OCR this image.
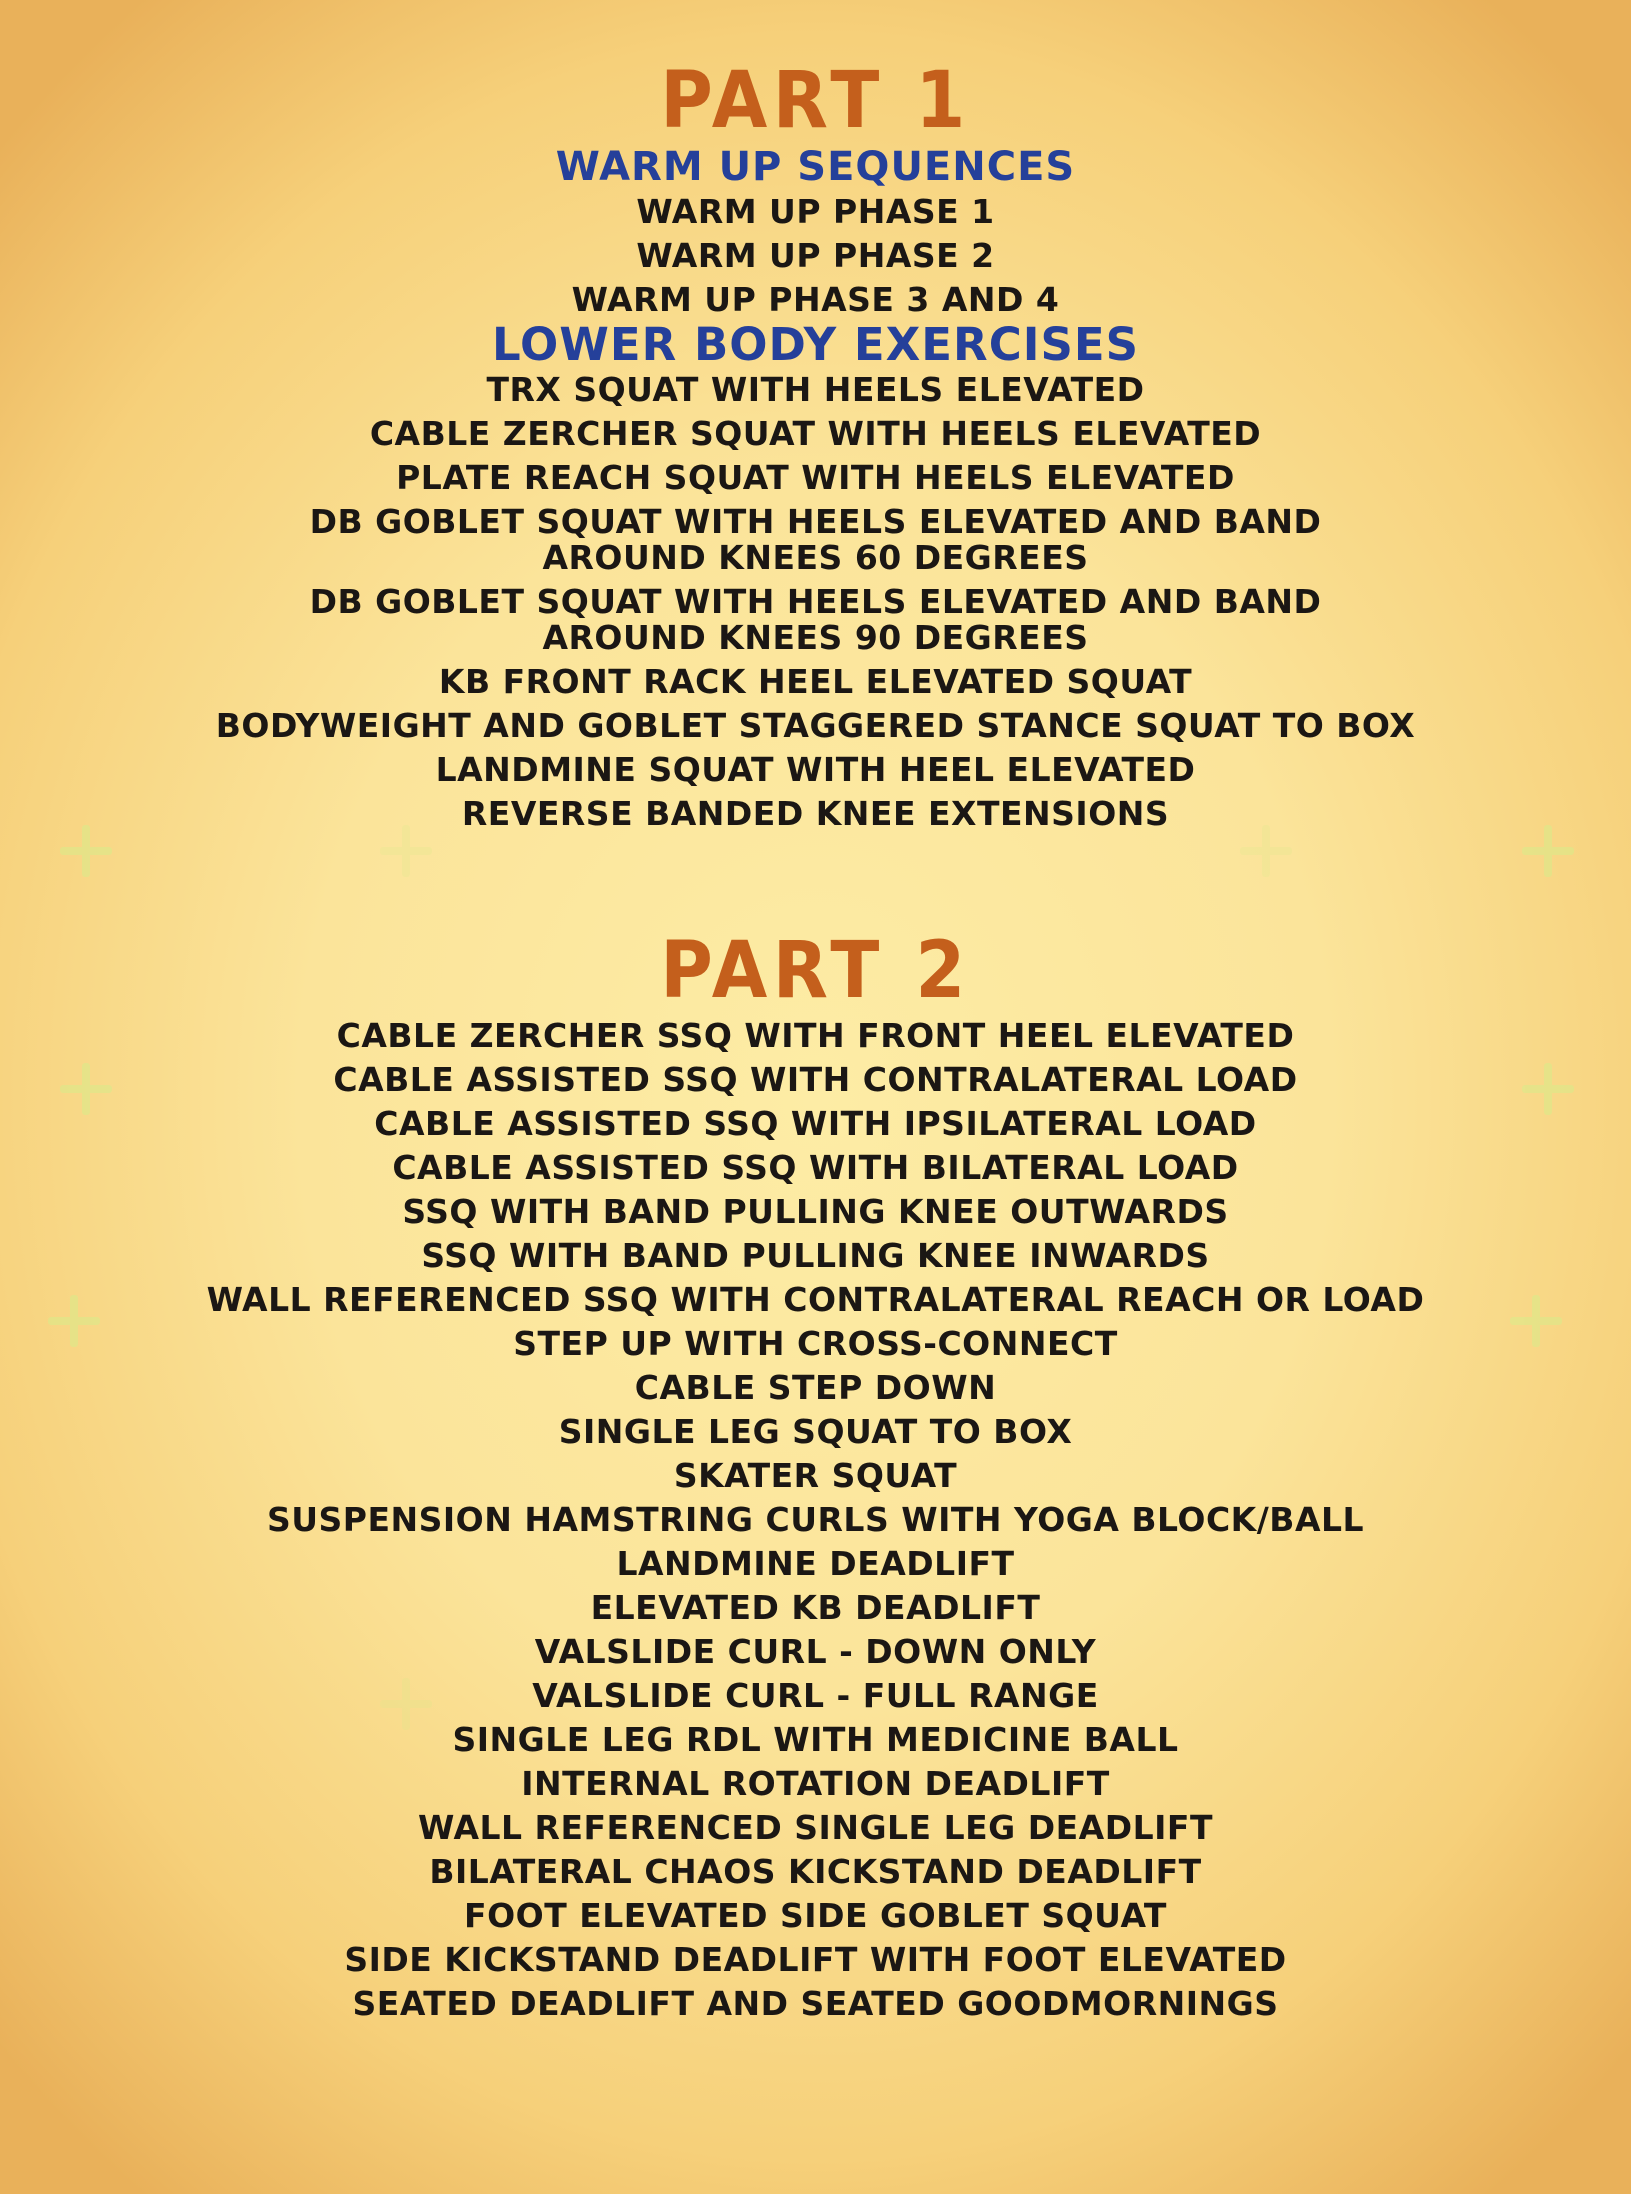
PART 1
WARM UP SEQUENCES
WARM UP PHASE 1
WARM UP PHASE 2
WARM UP PHASE 3 AND 4
LOWER BODY EXERCISES
TRX SQUAT WITH HEELS ELEVATED
CABLE ZERCHER SQUAT WITH HEELS ELEVATED
PLATE REACH SQUAT WITH HEELS ELEVATED
DB GOBLET SQUAT WITH HEELS ELEVATED AND BAND AROUND KNEES 60 DEGREES
DB GOBLET SQUAT WITH HEELS ELEVATED AND BAND AROUND KNEES 90 DEGREES
KB FRONT RACK HEEL ELEVATED SQUAT
BODYWEIGHT AND GOBLET STAGGERED STANCE SQUAT TO BOX
LANDMINE SQUAT WITH HEEL ELEVATED
REVERSE BANDED KNEE EXTENSIONS
PART 2
CABLE ZERCHER SSQ WITH FRONT HEEL ELEVATED
CABLE ASSISTED SSQ WITH CONTRALATERAL LOAD
CABLE ASSISTED SSQ WITH IPSILATERAL LOAD
CABLE ASSISTED SSQ WITH BILATERAL LOAD
SSQ WITH BAND PULLING KNEE OUTWARDS
SSQ WITH BAND PULLING KNEE INWARDS
WALL REFERENCED SSQ WITH CONTRALATERAL REACH OR LOAD
STEP UP WITH CROSS-CONNECT
CABLE STEP DOWN
SINGLE LEG SQUAT TO BOX
SKATER SQUAT
SUSPENSION HAMSTRING CURLS WITH YOGA BLOCK/BALL
LANDMINE DEADLIFT
ELEVATED KB DEADLIFT
VALSLIDE CURL - DOWN ONLY
VALSLIDE CURL - FULL RANGE
SINGLE LEG RDL WITH MEDICINE BALL
INTERNAL ROTATION DEADLIFT
WALL REFERENCED SINGLE LEG DEADLIFT
BILATERAL CHAOS KICKSTAND DEADLIFT
FOOT ELEVATED SIDE GOBLET SQUAT
SIDE KICKSTAND DEADLIFT WITH FOOT ELEVATED
SEATED DEADLIFT AND SEATED GOODMORNINGS
